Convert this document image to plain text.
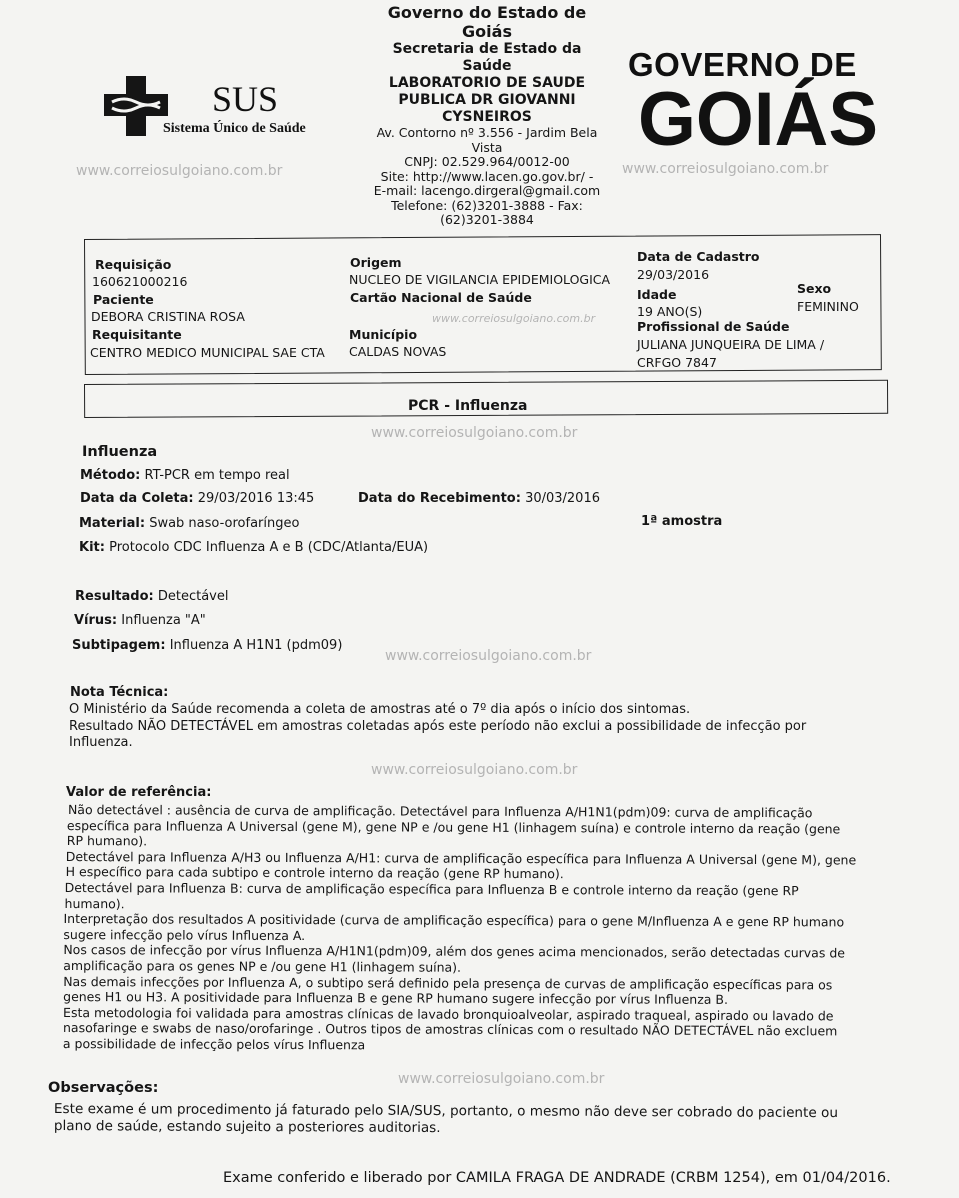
SUS
Sistema Único de Saúde
Governo do Estado de
Goiás
Secretaria de Estado da
Saúde
LABORATORIO DE SAUDE
PUBLICA DR GIOVANNI
CYSNEIROS
Av. Contorno nº 3.556 - Jardim Bela
Vista
CNPJ: 02.529.964/0012-00
Site: http://www.lacen.go.gov.br/ -
E-mail: lacengo.dirgeral@gmail.com
Telefone: (62)3201-3888 - Fax:
(62)3201-3884
GOVERNO DE
GOIÁS
www.correiosulgoiano.com.br	www.correiosulgoiano.com.br
www.correiosulgoiano.com.br
www.correiosulgoiano.com.br
www.correiosulgoiano.com.br
www.correiosulgoiano.com.br
www.correiosulgoiano.com.br
Requisição
160621000216
Paciente
DEBORA CRISTINA ROSA
Requisitante
CENTRO MEDICO MUNICIPAL SAE CTA
Origem
NUCLEO DE VIGILANCIA EPIDEMIOLOGICA
Cartão Nacional de Saúde
Município
CALDAS NOVAS
Data de Cadastro
29/03/2016
Idade
19 ANO(S)
Sexo
FEMININO
Profissional de Saúde
JULIANA JUNQUEIRA DE LIMA /
CRFGO 7847
PCR - Influenza
Influenza
Método: RT-PCR em tempo real
Data da Coleta: 29/03/2016 13:45	Data do Recebimento: 30/03/2016
Material: Swab naso-orofaríngeo	1ª amostra
Kit: Protocolo CDC Influenza A e B (CDC/Atlanta/EUA)
Resultado: Detectável
Vírus: Influenza "A"
Subtipagem: Influenza A H1N1 (pdm09)
Nota Técnica:
O Ministério da Saúde recomenda a coleta de amostras até o 7º dia após o início dos sintomas.
Resultado NÃO DETECTÁVEL em amostras coletadas após este período não exclui a possibilidade de infecção por
Influenza.
Valor de referência:
Não detectável : ausência de curva de amplificação. Detectável para Influenza A/H1N1(pdm)09: curva de amplificação
específica para Influenza A Universal (gene M), gene NP e /ou gene H1 (linhagem suína) e controle interno da reação (gene
RP humano).
Detectável para Influenza A/H3 ou Influenza A/H1: curva de amplificação específica para Influenza A Universal (gene M), gene
H específico para cada subtipo e controle interno da reação (gene RP humano).
Detectável para Influenza B: curva de amplificação específica para Influenza B e controle interno da reação (gene RP
humano).
Interpretação dos resultados A positividade (curva de amplificação específica) para o gene M/Influenza A e gene RP humano
sugere infecção pelo vírus Influenza A.
Nos casos de infecção por vírus Influenza A/H1N1(pdm)09, além dos genes acima mencionados, serão detectadas curvas de
amplificação para os genes NP e /ou gene H1 (linhagem suína).
Nas demais infecções por Influenza A, o subtipo será definido pela presença de curvas de amplificação específicas para os
genes H1 ou H3. A positividade para Influenza B e gene RP humano sugere infecção por vírus Influenza B.
Esta metodologia foi validada para amostras clínicas de lavado bronquioalveolar, aspirado traqueal, aspirado ou lavado de
nasofaringe e swabs de naso/orofaringe . Outros tipos de amostras clínicas com o resultado NÃO DETECTÁVEL não excluem
a possibilidade de infecção pelos vírus Influenza
Observações:
Este exame é um procedimento já faturado pelo SIA/SUS, portanto, o mesmo não deve ser cobrado do paciente ou
plano de saúde, estando sujeito a posteriores auditorias.
Exame conferido e liberado por CAMILA FRAGA DE ANDRADE (CRBM 1254), em 01/04/2016.
